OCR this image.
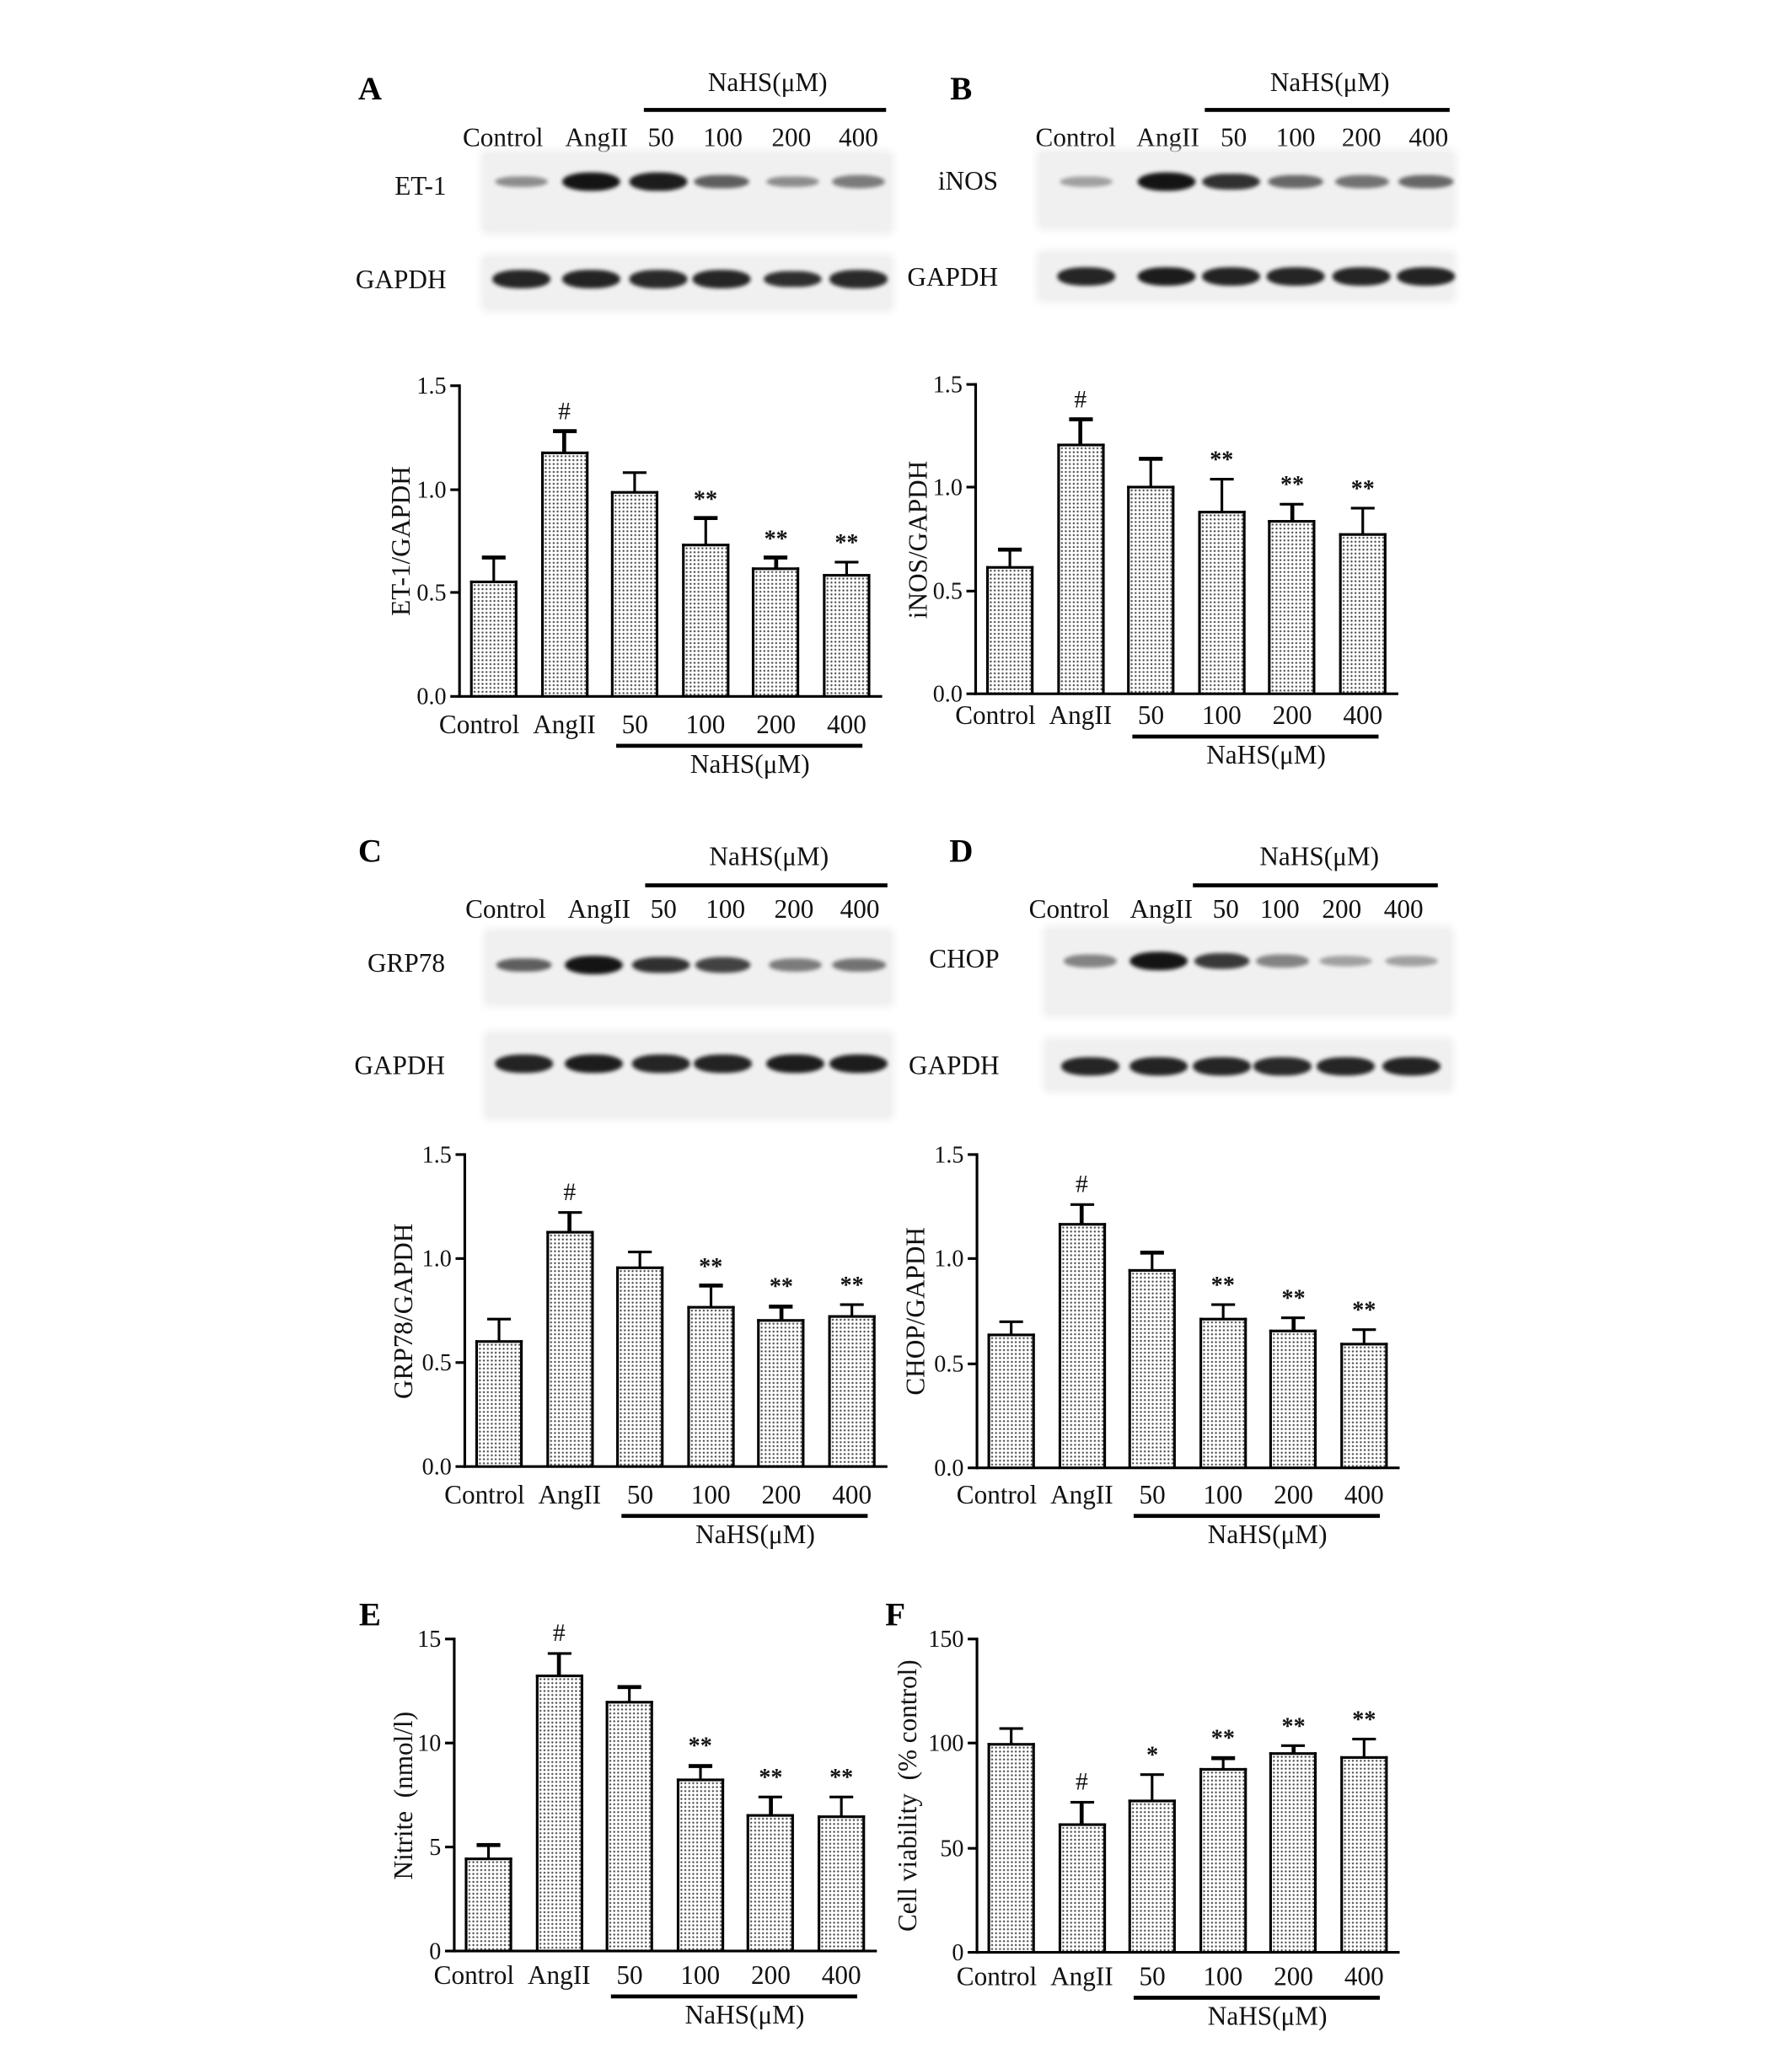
A	NaHS(μM)
Control AngII 50 100 200 400
ET-1
GAPDH
B	NaHS(μM)
Control AngII 50 100 200 400
iNOS
GAPDH
C	NaHS(μM)
Control AngII 50 100 200 400
GRP78
GAPDH
D	NaHS(μM)
Control AngII 50 100 200 400
CHOP
GAPDH
E	F
Control
#
AngII 50
**
100
**
200
**
400
0.0
0.5
1.0
1.5
ET-1/GAPDH
NaHS(μM)
Control
#
AngII 50
**
100
**
200
**
400
0.0
0.5
1.0
1.5
iNOS/GAPDH
NaHS(μM)
Control
#
AngII 50
**
100
**
200
**
400
0.0
0.5
1.0
1.5
GRP78/GAPDH
NaHS(μM)
Control
#
AngII 50
**
100
**
200
**
400
0.0
0.5
1.0
1.5
CHOP/GAPDH
NaHS(μM)
Control
#
AngII 50
**
100
**
200
**
400
0
5
10
15
Nitrite  (nmol/l)
NaHS(μM)
Control
#
AngII
*
50
**
100
**
200
**
400
0
50
100
150
Cell viability  (% control)
NaHS(μM)
